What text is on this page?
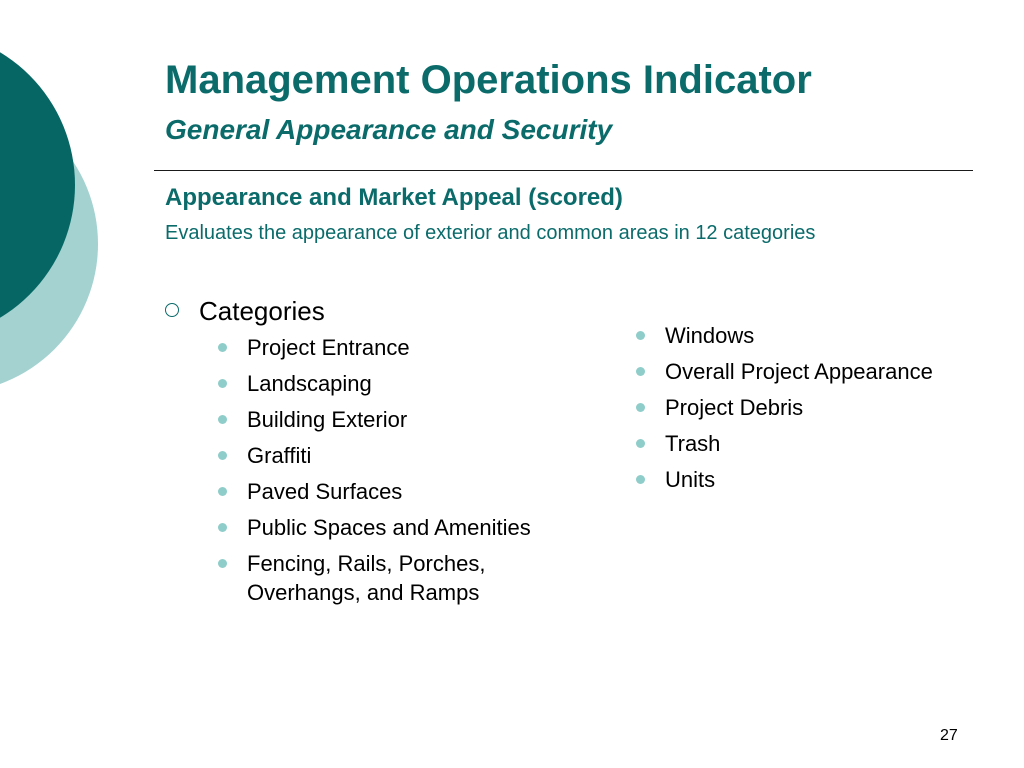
Management Operations Indicator
General Appearance and Security

Appearance and Market Appeal (scored)

Evaluates the appearance of exterior and common areas in 12 categories

Categories

Project Entrance
Landscaping
Building Exterior
Graffiti
Paved Surfaces
Public Spaces and Amenities
Fencing, Rails, Porches, Overhangs, and Ramps
Windows
Overall Project Appearance
Project Debris
Trash
Units
27
